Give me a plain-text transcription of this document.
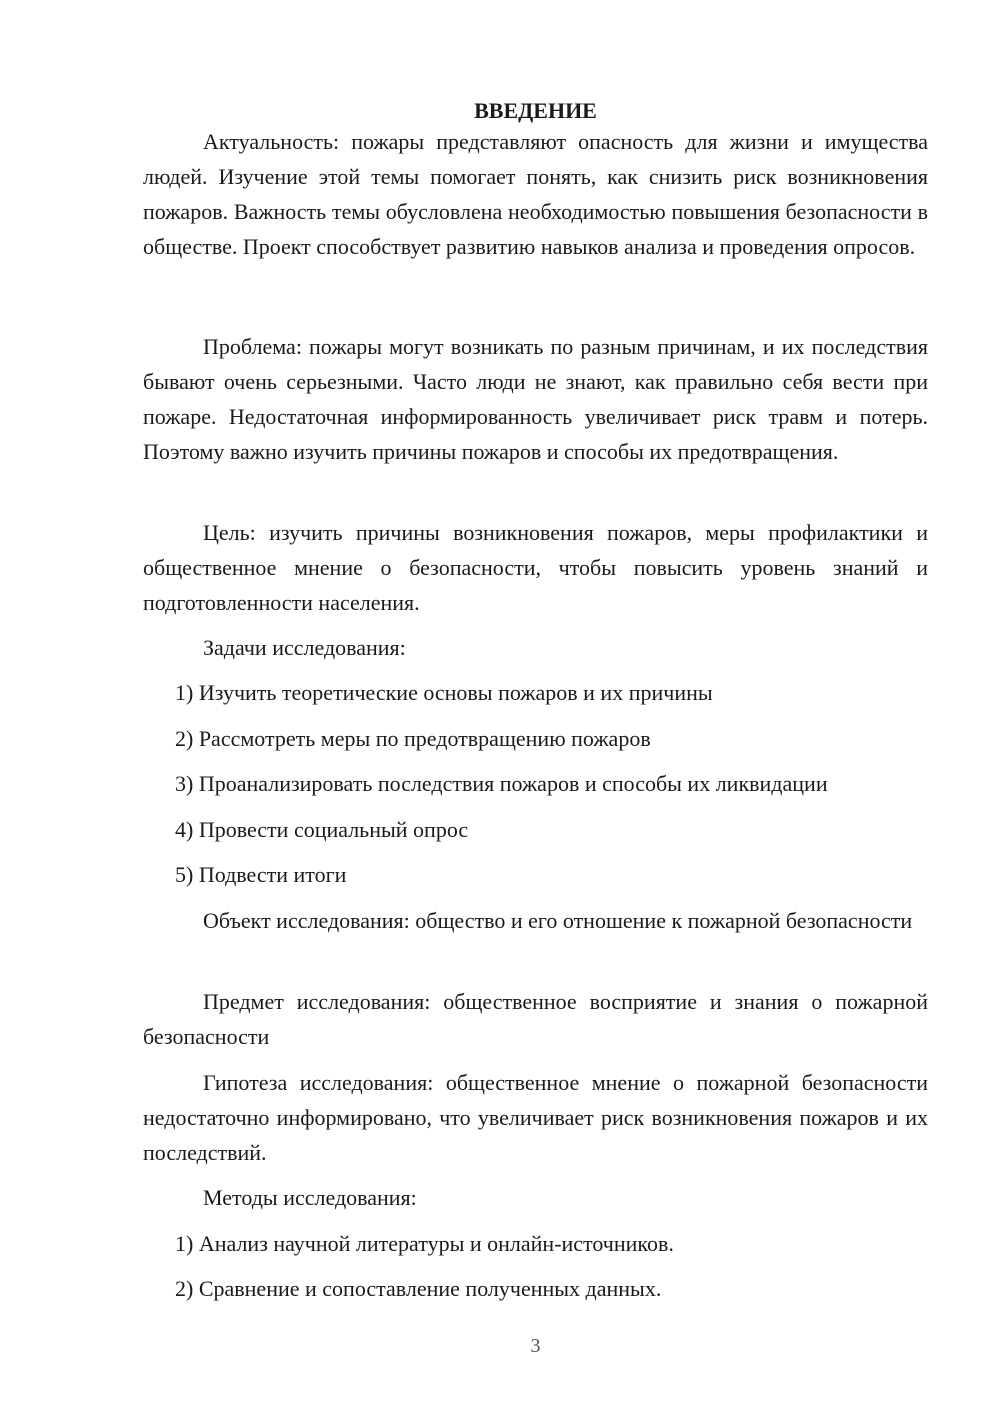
ВВЕДЕНИЕ

Актуальность: пожары представляют опасность для жизни и имущества людей. Изучение этой темы помогает понять, как снизить риск возникновения пожаров. Важность темы обусловлена необходимостью повышения безопасности в обществе. Проект способствует развитию навыков анализа и проведения опросов.

Проблема: пожары могут возникать по разным причинам, и их последствия бывают очень серьезными. Часто люди не знают, как правильно себя вести при пожаре. Недостаточная информированность увеличивает риск травм и потерь. Поэтому важно изучить причины пожаров и способы их предотвращения.

Цель: изучить причины возникновения пожаров, меры профилактики и общественное мнение о безопасности, чтобы повысить уровень знаний и подготовленности населения.

Задачи исследования:
1) Изучить теоретические основы пожаров и их причины
2) Рассмотреть меры по предотвращению пожаров
3) Проанализировать последствия пожаров и способы их ликвидации
4) Провести социальный опрос
5) Подвести итоги

Объект исследования: общество и его отношение к пожарной безопасности

Предмет исследования: общественное восприятие и знания о пожарной безопасности

Гипотеза исследования: общественное мнение о пожарной безопасности недостаточно информировано, что увеличивает риск возникновения пожаров и их последствий.

Методы исследования:
1) Анализ научной литературы и онлайн-источников.
2) Сравнение и сопоставление полученных данных.
3
